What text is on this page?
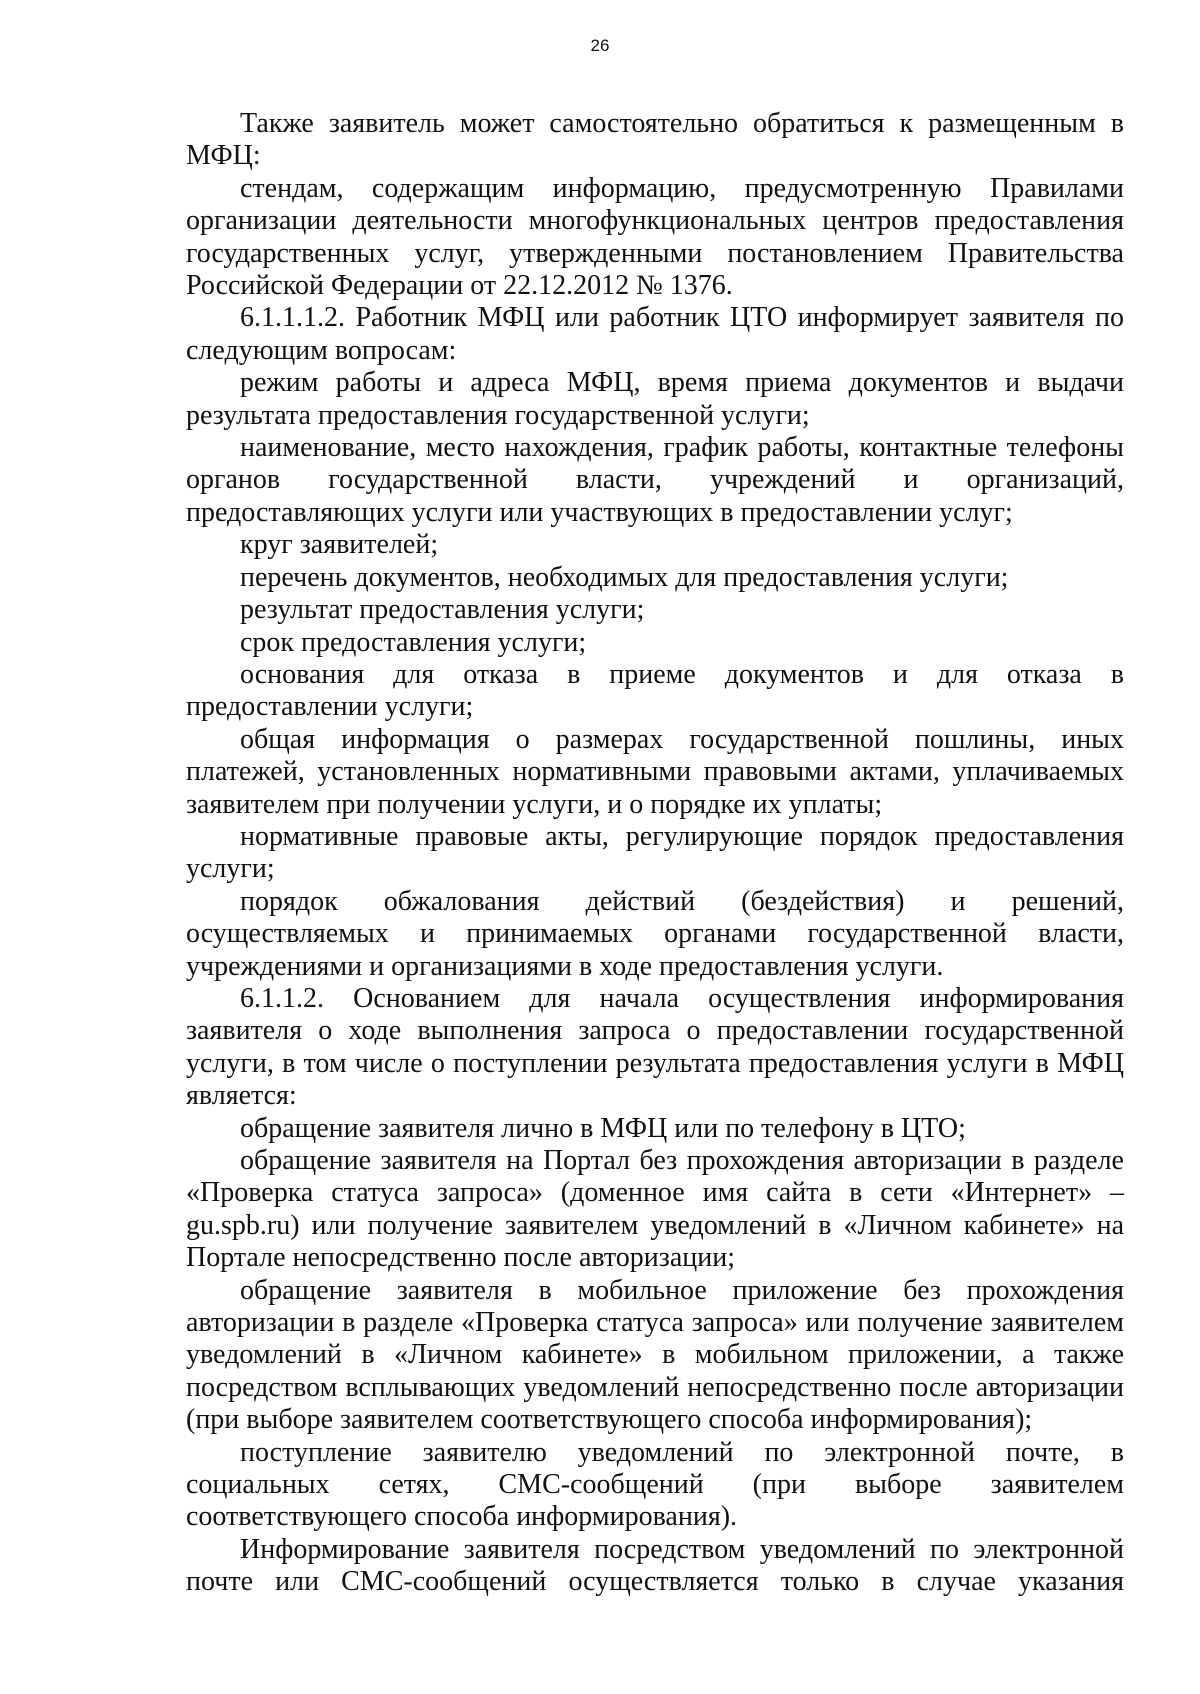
26

Также заявитель может самостоятельно обратиться к размещенным в МФЦ:

стендам, содержащим информацию, предусмотренную Правилами организации деятельности многофункциональных центров предоставления государственных услуг, утвержденными постановлением Правительства Российской Федерации от 22.12.2012 № 1376.

6.1.1.1.2. Работник МФЦ или работник ЦТО информирует заявителя по следующим вопросам:

режим работы и адреса МФЦ, время приема документов и выдачи результата предоставления государственной услуги;

наименование, место нахождения, график работы, контактные телефоны органов государственной власти, учреждений и организаций, предоставляющих услуги или участвующих в предоставлении услуг;

круг заявителей;

перечень документов, необходимых для предоставления услуги;

результат предоставления услуги;

срок предоставления услуги;

основания для отказа в приеме документов и для отказа в предоставлении услуги;

общая информация о размерах государственной пошлины, иных платежей, установленных нормативными правовыми актами, уплачиваемых заявителем при получении услуги, и о порядке их уплаты;

нормативные правовые акты, регулирующие порядок предоставления услуги;

порядок обжалования действий (бездействия) и решений, осуществляемых и принимаемых органами государственной власти, учреждениями и организациями в ходе предоставления услуги.

6.1.1.2. Основанием для начала осуществления информирования заявителя о ходе выполнения запроса о предоставлении государственной услуги, в том числе о поступлении результата предоставления услуги в МФЦ является:

обращение заявителя лично в МФЦ или по телефону в ЦТО;

обращение заявителя на Портал без прохождения авторизации в разделе «Проверка статуса запроса» (доменное имя сайта в сети «Интернет» – gu.spb.ru) или получение заявителем уведомлений в «Личном кабинете» на Портале непосредственно после авторизации;

обращение заявителя в мобильное приложение без прохождения авторизации в разделе «Проверка статуса запроса» или получение заявителем уведомлений в «Личном кабинете» в мобильном приложении, а также посредством всплывающих уведомлений непосредственно после авторизации (при выборе заявителем соответствующего способа информирования);

поступление заявителю уведомлений по электронной почте, в социальных сетях, СМС-сообщений (при выборе заявителем соответствующего способа информирования).

Информирование заявителя посредством уведомлений по электронной почте или СМС-сообщений осуществляется только в случае указания
